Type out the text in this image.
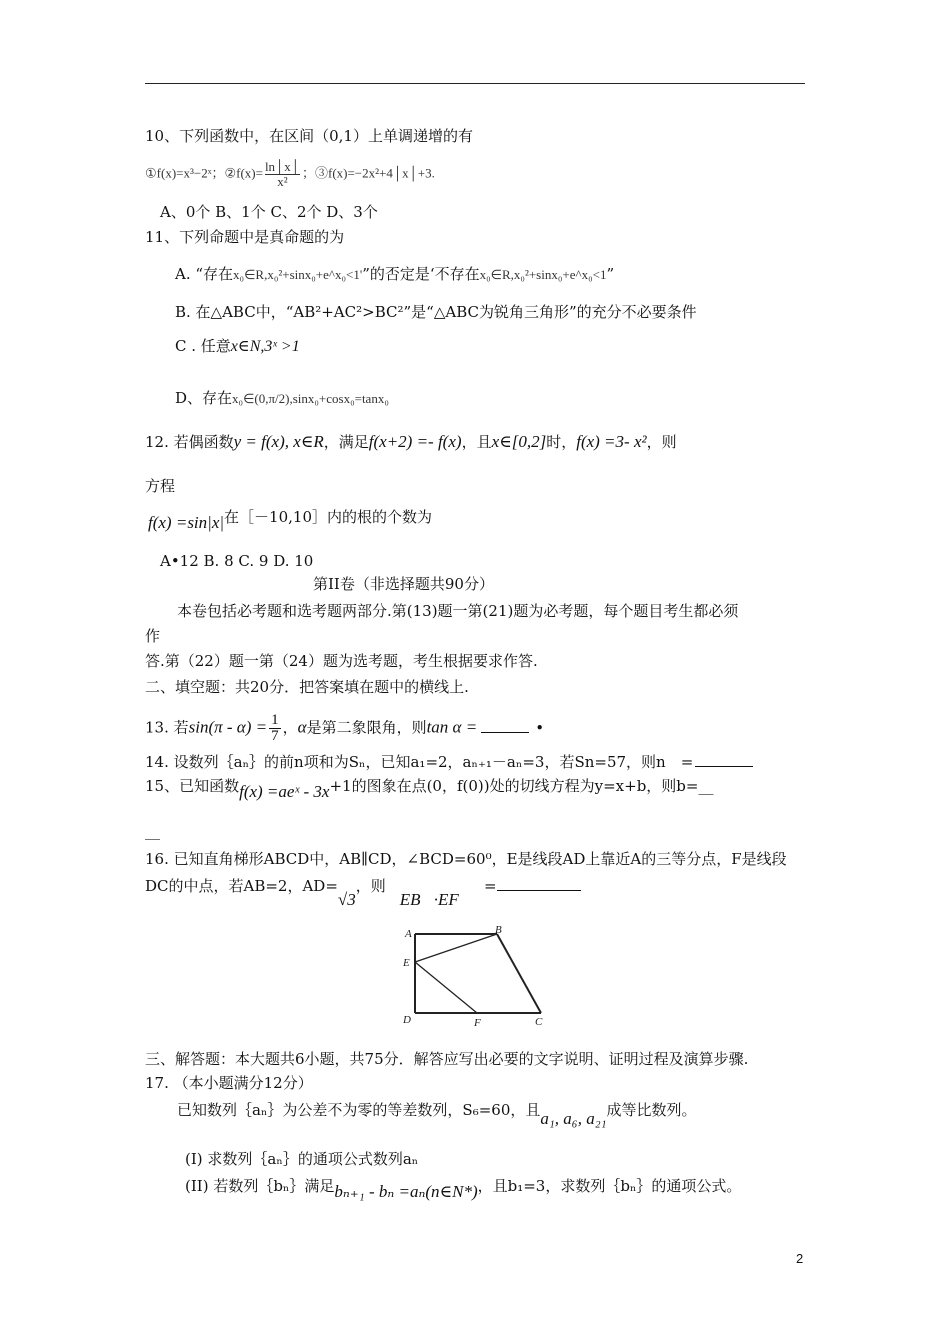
10、下列函数中，在区间（0,1）上单调递增的有
①f(x)=x³−2ˣ；②f(x)= $\frac{\ln│x│}{\text{x²}}$ ；③f(x)=−2x²+4│x│+3.
A、0个 B、1个 C、2个 D、3个
11、下列命题中是真命题的为
A. “存在x₀∈R,x₀²+sinx₀+e^x₀<1'”的否定是‘不存在x₀∈R,x₀²+sinx₀+e^x₀<1”
B. 在△ABC中，“AB²+AC²>BC²”是“△ABC为锐角三角形”的充分不必要条件
C . 任意x∈N,3ˣ >1
D、存在x₀∈(0,π/2),sinx₀+cosx₀=tanx₀
12. 若偶函数y = f(x), x∈R，满足f(x+2) =- f(x)，且x∈[0,2]时，f(x) =3- x²，则
方程
f(x) =sin|x|在［－10,10］内的根的个数为
A•12 B. 8 C. 9 D. 10
第II卷（非选择题共90分）
本卷包括必考题和选考题两部分.第(13)题一第(21)题为必考题，每个题目考生都必须
作
答.第（22）题一第（24）题为选考题，考生根据要求作答.
二、填空题：共20分．把答案填在题中的横线上.
13. 若$\sin(\pi - \alpha) = \frac{1}{7}$ ，α是第二象限角，则tan α =	•
14. 设数列｛aₙ｝的前n项和为Sₙ，已知a₁=2，aₙ₊₁－aₙ=3，若Sn=57，则n　=
15、已知函数f(x) =aeˣ - 3x+1的图象在点(0，f(0))处的切线方程为y=x+b，则b=__
__
16. 已知直角梯形ABCD中，AB∥CD，∠BCD=60⁰，E是线段AD上靠近A的三等分点，F是线段
DC的中点，若AB=2，AD=√3，则EB⃗·EF⃗=
A	B
C
D
E
F
三、解答题：本大题共6小题，共75分．解答应写出必要的文字说明、证明过程及演算步骤.
17. （本小题满分12分）
已知数列｛aₙ｝为公差不为零的等差数列，S₆=60，且a₁, a₆, a₂₁成等比数列。
(I) 求数列｛aₙ｝的通项公式数列aₙ
(II) 若数列｛bₙ｝满足bₙ₊₁ - bₙ =aₙ(n∈N*)，且b₁=3，求数列｛bₙ｝的通项公式。
2
